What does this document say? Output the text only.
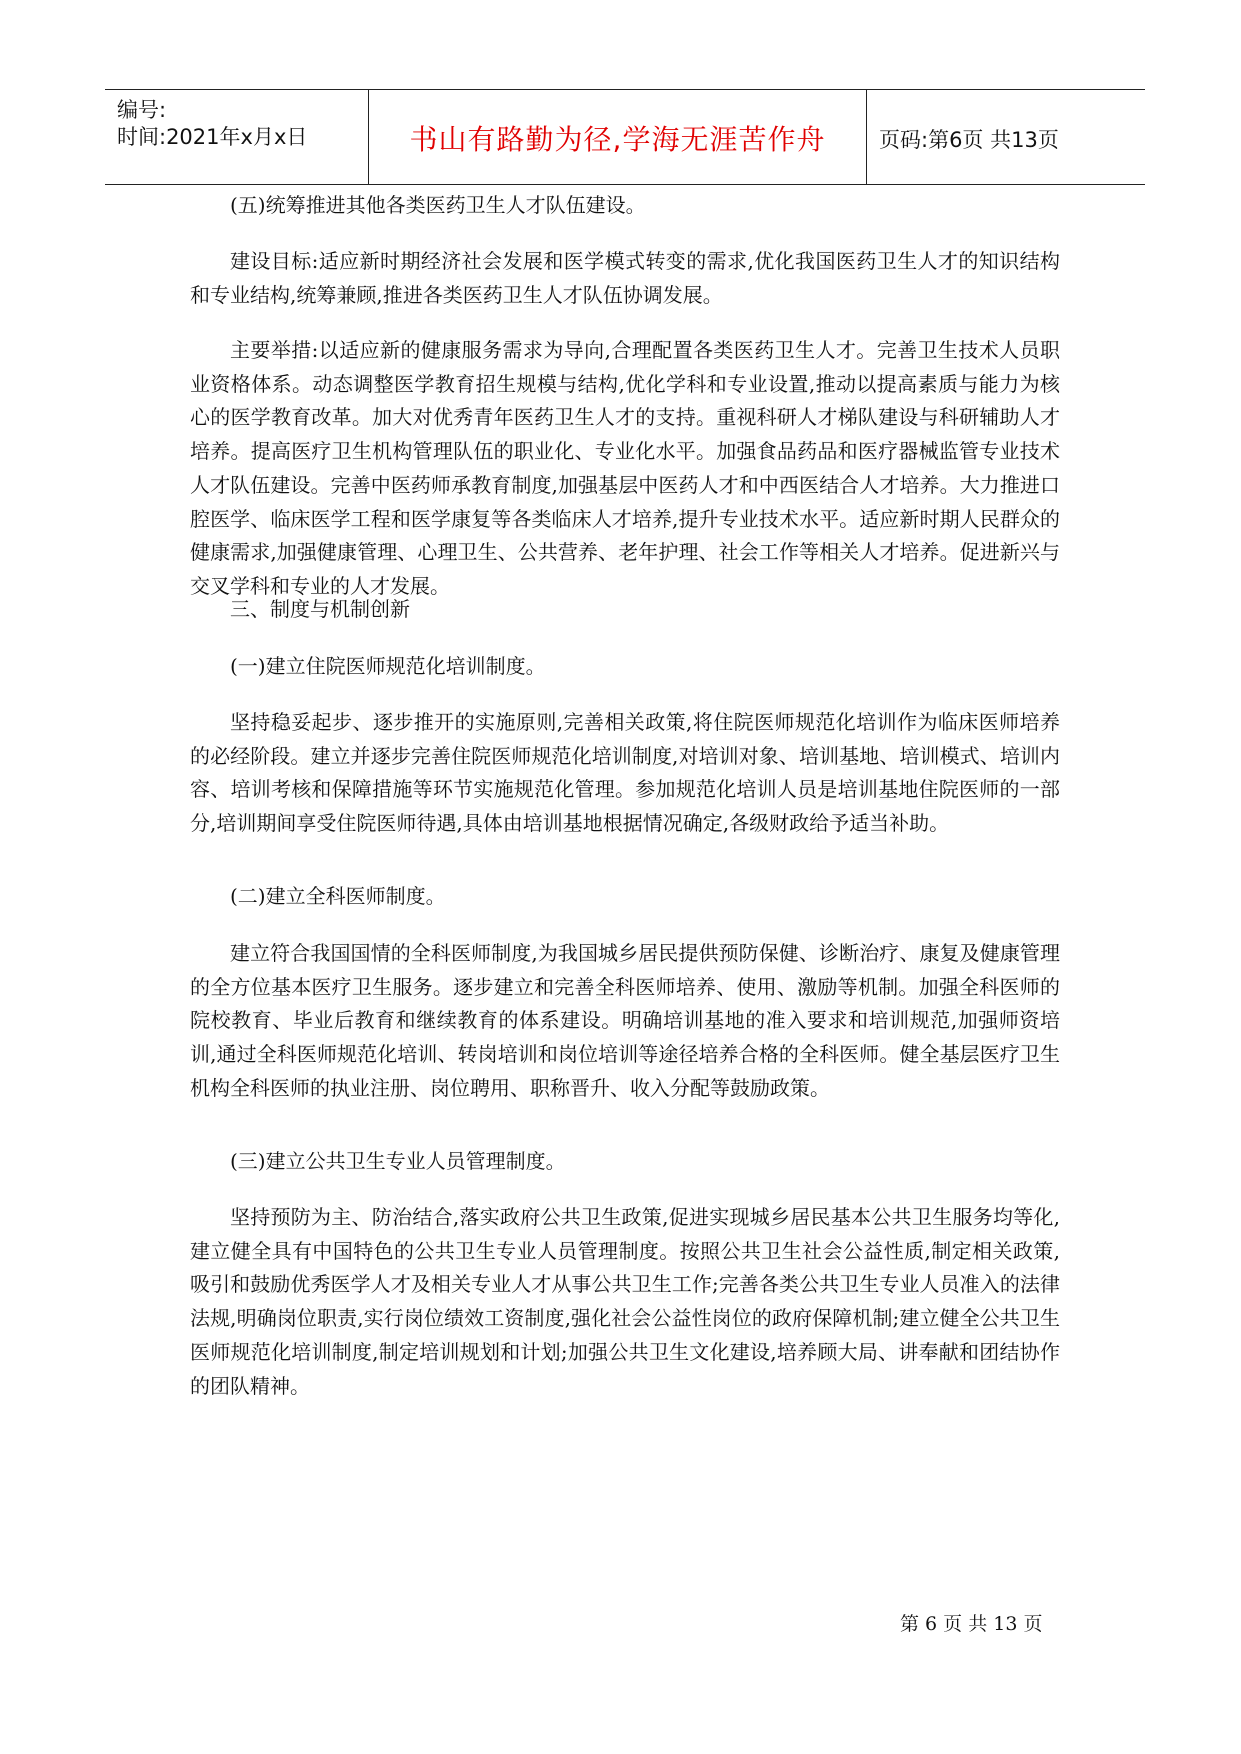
编号:
时间:2021年x月x日	书山有路勤为径,学海无涯苦作舟	页码:第6页 共13页
(五)统筹推进其他各类医药卫生人才队伍建设。
建设目标:适应新时期经济社会发展和医学模式转变的需求,优化我国医药卫生人才的知识结构和专业结构,统筹兼顾,推进各类医药卫生人才队伍协调发展。
主要举措:以适应新的健康服务需求为导向,合理配置各类医药卫生人才。完善卫生技术人员职业资格体系。动态调整医学教育招生规模与结构,优化学科和专业设置,推动以提高素质与能力为核心的医学教育改革。加大对优秀青年医药卫生人才的支持。重视科研人才梯队建设与科研辅助人才培养。提高医疗卫生机构管理队伍的职业化、专业化水平。加强食品药品和医疗器械监管专业技术人才队伍建设。完善中医药师承教育制度,加强基层中医药人才和中西医结合人才培养。大力推进口腔医学、临床医学工程和医学康复等各类临床人才培养,提升专业技术水平。适应新时期人民群众的健康需求,加强健康管理、心理卫生、公共营养、老年护理、社会工作等相关人才培养。促进新兴与交叉学科和专业的人才发展。
三、制度与机制创新
(一)建立住院医师规范化培训制度。
坚持稳妥起步、逐步推开的实施原则,完善相关政策,将住院医师规范化培训作为临床医师培养的必经阶段。建立并逐步完善住院医师规范化培训制度,对培训对象、培训基地、培训模式、培训内容、培训考核和保障措施等环节实施规范化管理。参加规范化培训人员是培训基地住院医师的一部分,培训期间享受住院医师待遇,具体由培训基地根据情况确定,各级财政给予适当补助。
(二)建立全科医师制度。
建立符合我国国情的全科医师制度,为我国城乡居民提供预防保健、诊断治疗、康复及健康管理的全方位基本医疗卫生服务。逐步建立和完善全科医师培养、使用、激励等机制。加强全科医师的院校教育、毕业后教育和继续教育的体系建设。明确培训基地的准入要求和培训规范,加强师资培训,通过全科医师规范化培训、转岗培训和岗位培训等途径培养合格的全科医师。健全基层医疗卫生机构全科医师的执业注册、岗位聘用、职称晋升、收入分配等鼓励政策。
(三)建立公共卫生专业人员管理制度。
坚持预防为主、防治结合,落实政府公共卫生政策,促进实现城乡居民基本公共卫生服务均等化,建立健全具有中国特色的公共卫生专业人员管理制度。按照公共卫生社会公益性质,制定相关政策,吸引和鼓励优秀医学人才及相关专业人才从事公共卫生工作;完善各类公共卫生专业人员准入的法律法规,明确岗位职责,实行岗位绩效工资制度,强化社会公益性岗位的政府保障机制;建立健全公共卫生医师规范化培训制度,制定培训规划和计划;加强公共卫生文化建设,培养顾大局、讲奉献和团结协作的团队精神。
第 6 页 共 13 页
